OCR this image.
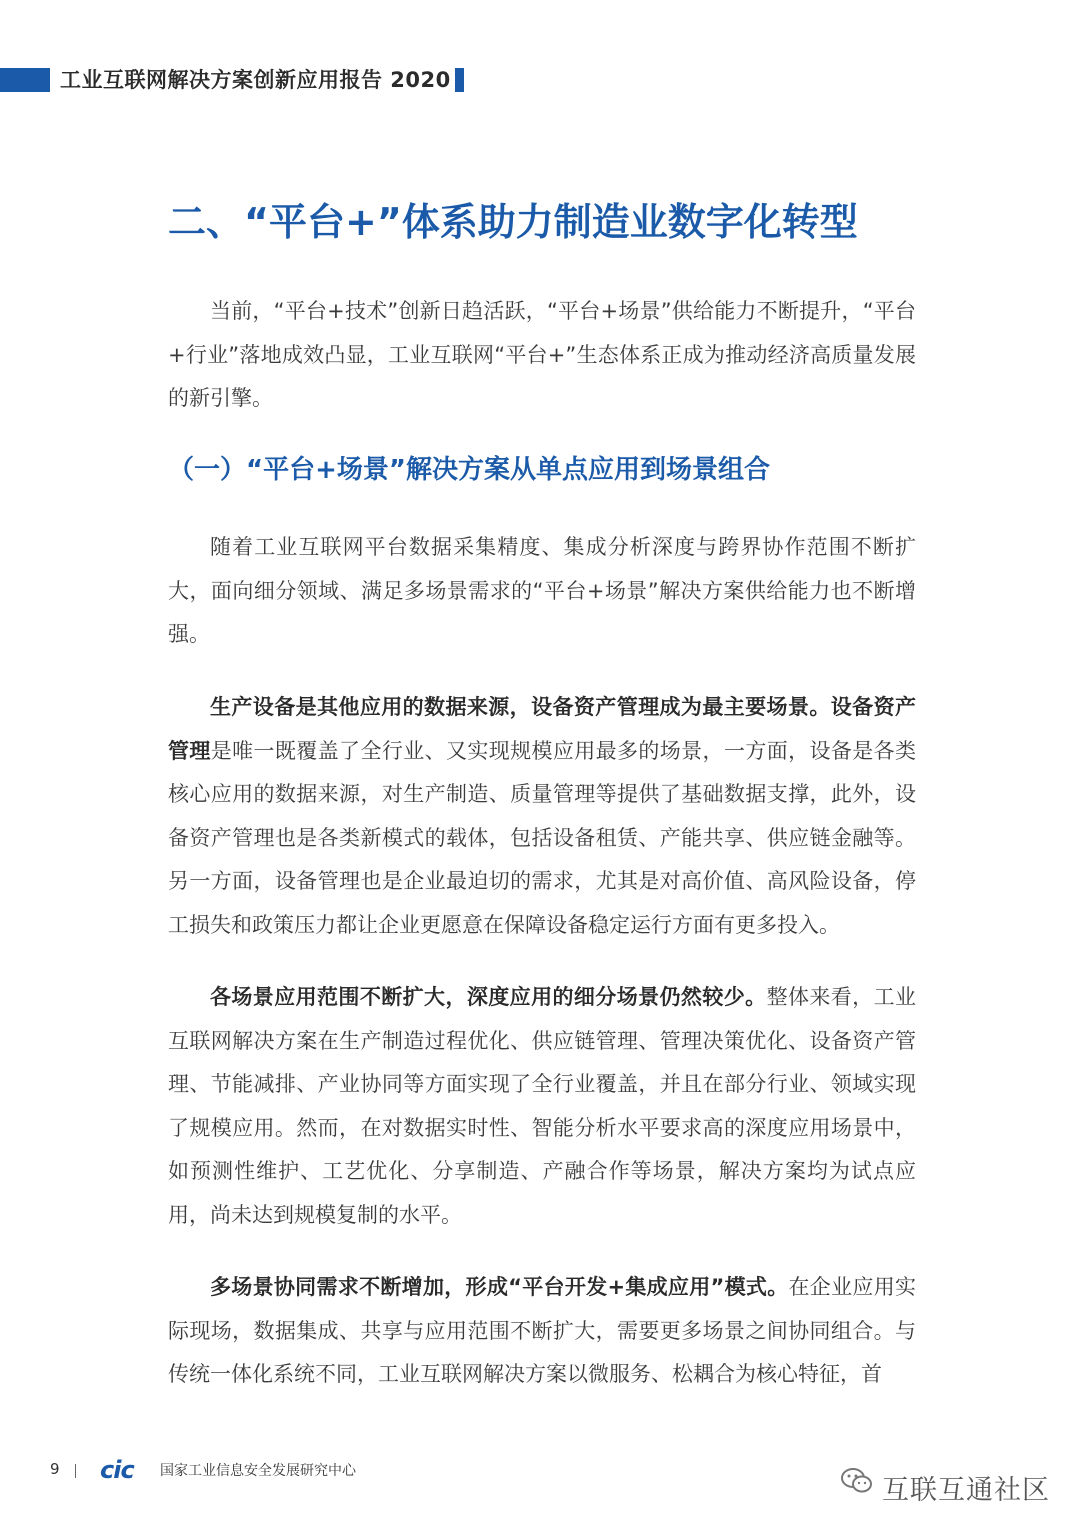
工业互联网解决方案创新应用报告 2020
二、“平台+”体系助力制造业数字化转型

当前，“平台+技术”创新日趋活跃，“平台+场景”供给能力不断提升，“平台+行业”落地成效凸显，工业互联网“平台+”生态体系正成为推动经济高质量发展的新引擎。

（一）“平台+场景”解决方案从单点应用到场景组合

随着工业互联网平台数据采集精度、集成分析深度与跨界协作范围不断扩大，面向细分领域、满足多场景需求的“平台+场景”解决方案供给能力也不断增强。

生产设备是其他应用的数据来源，设备资产管理成为最主要场景。设备资产管理是唯一既覆盖了全行业、又实现规模应用最多的场景，一方面，设备是各类核心应用的数据来源，对生产制造、质量管理等提供了基础数据支撑，此外，设备资产管理也是各类新模式的载体，包括设备租赁、产能共享、供应链金融等。另一方面，设备管理也是企业最迫切的需求，尤其是对高价值、高风险设备，停工损失和政策压力都让企业更愿意在保障设备稳定运行方面有更多投入。

各场景应用范围不断扩大，深度应用的细分场景仍然较少。整体来看，工业互联网解决方案在生产制造过程优化、供应链管理、管理决策优化、设备资产管理、节能减排、产业协同等方面实现了全行业覆盖，并且在部分行业、领域实现了规模应用。然而，在对数据实时性、智能分析水平要求高的深度应用场景中，如预测性维护、工艺优化、分享制造、产融合作等场景，解决方案均为试点应用，尚未达到规模复制的水平。

多场景协同需求不断增加，形成“平台开发+集成应用”模式。在企业应用实际现场，数据集成、共享与应用范围不断扩大，需要更多场景之间协同组合。与传统一体化系统不同，工业互联网解决方案以微服务、松耦合为核心特征，首

9 cic 国家工业信息安全发展研究中心
互联互通社区
